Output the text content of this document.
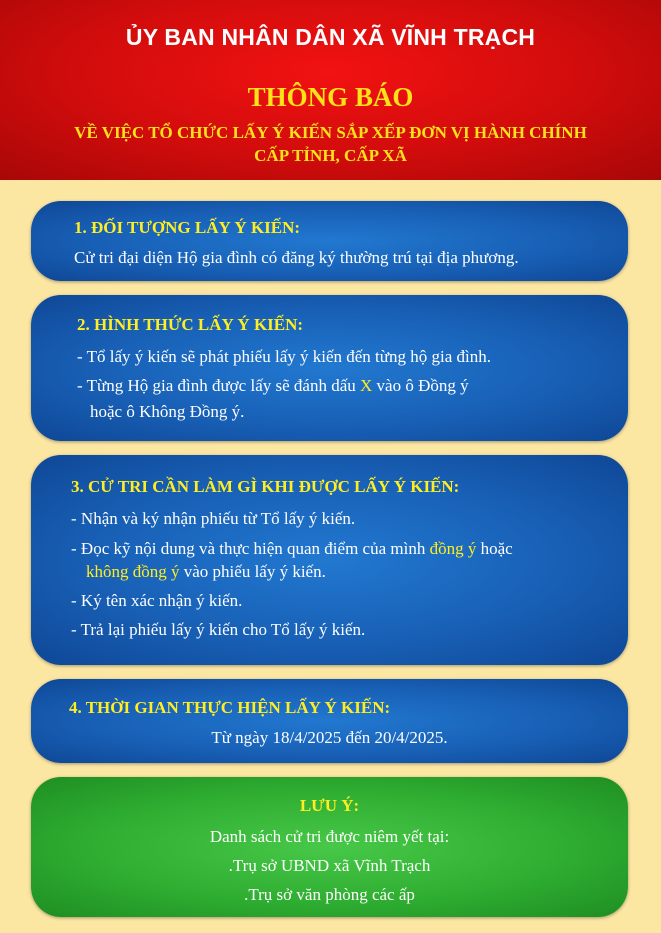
ỦY BAN NHÂN DÂN XÃ VĨNH TRẠCH
THÔNG BÁO
VỀ VIỆC TỔ CHỨC LẤY Ý KIẾN SẮP XẾP ĐƠN VỊ HÀNH CHÍNH
CẤP TỈNH, CẤP XÃ
1. ĐỐI TƯỢNG LẤY Ý KIẾN:
Cử tri đại diện Hộ gia đình có đăng ký thường trú tại địa phương.
2. HÌNH THỨC LẤY Ý KIẾN:
- Tổ lấy ý kiến sẽ phát phiếu lấy ý kiến đến từng hộ gia đình.
- Từng Hộ gia đình được lấy sẽ đánh dấu X vào ô Đồng ý
hoặc ô Không Đồng ý.
3. CỬ TRI CẦN LÀM GÌ KHI ĐƯỢC LẤY Ý KIẾN:
- Nhận và ký nhận phiếu từ Tổ lấy ý kiến.
- Đọc kỹ nội dung và thực hiện quan điểm của mình đồng ý hoặc
không đồng ý vào phiếu lấy ý kiến.
- Ký tên xác nhận ý kiến.
- Trả lại phiếu lấy ý kiến cho Tổ lấy ý kiến.
4. THỜI GIAN THỰC HIỆN LẤY Ý KIẾN:
Từ ngày 18/4/2025 đến 20/4/2025.
LƯU Ý:
Danh sách cử tri được niêm yết tại:
.Trụ sở UBND xã Vĩnh Trạch
.Trụ sở văn phòng các ấp
